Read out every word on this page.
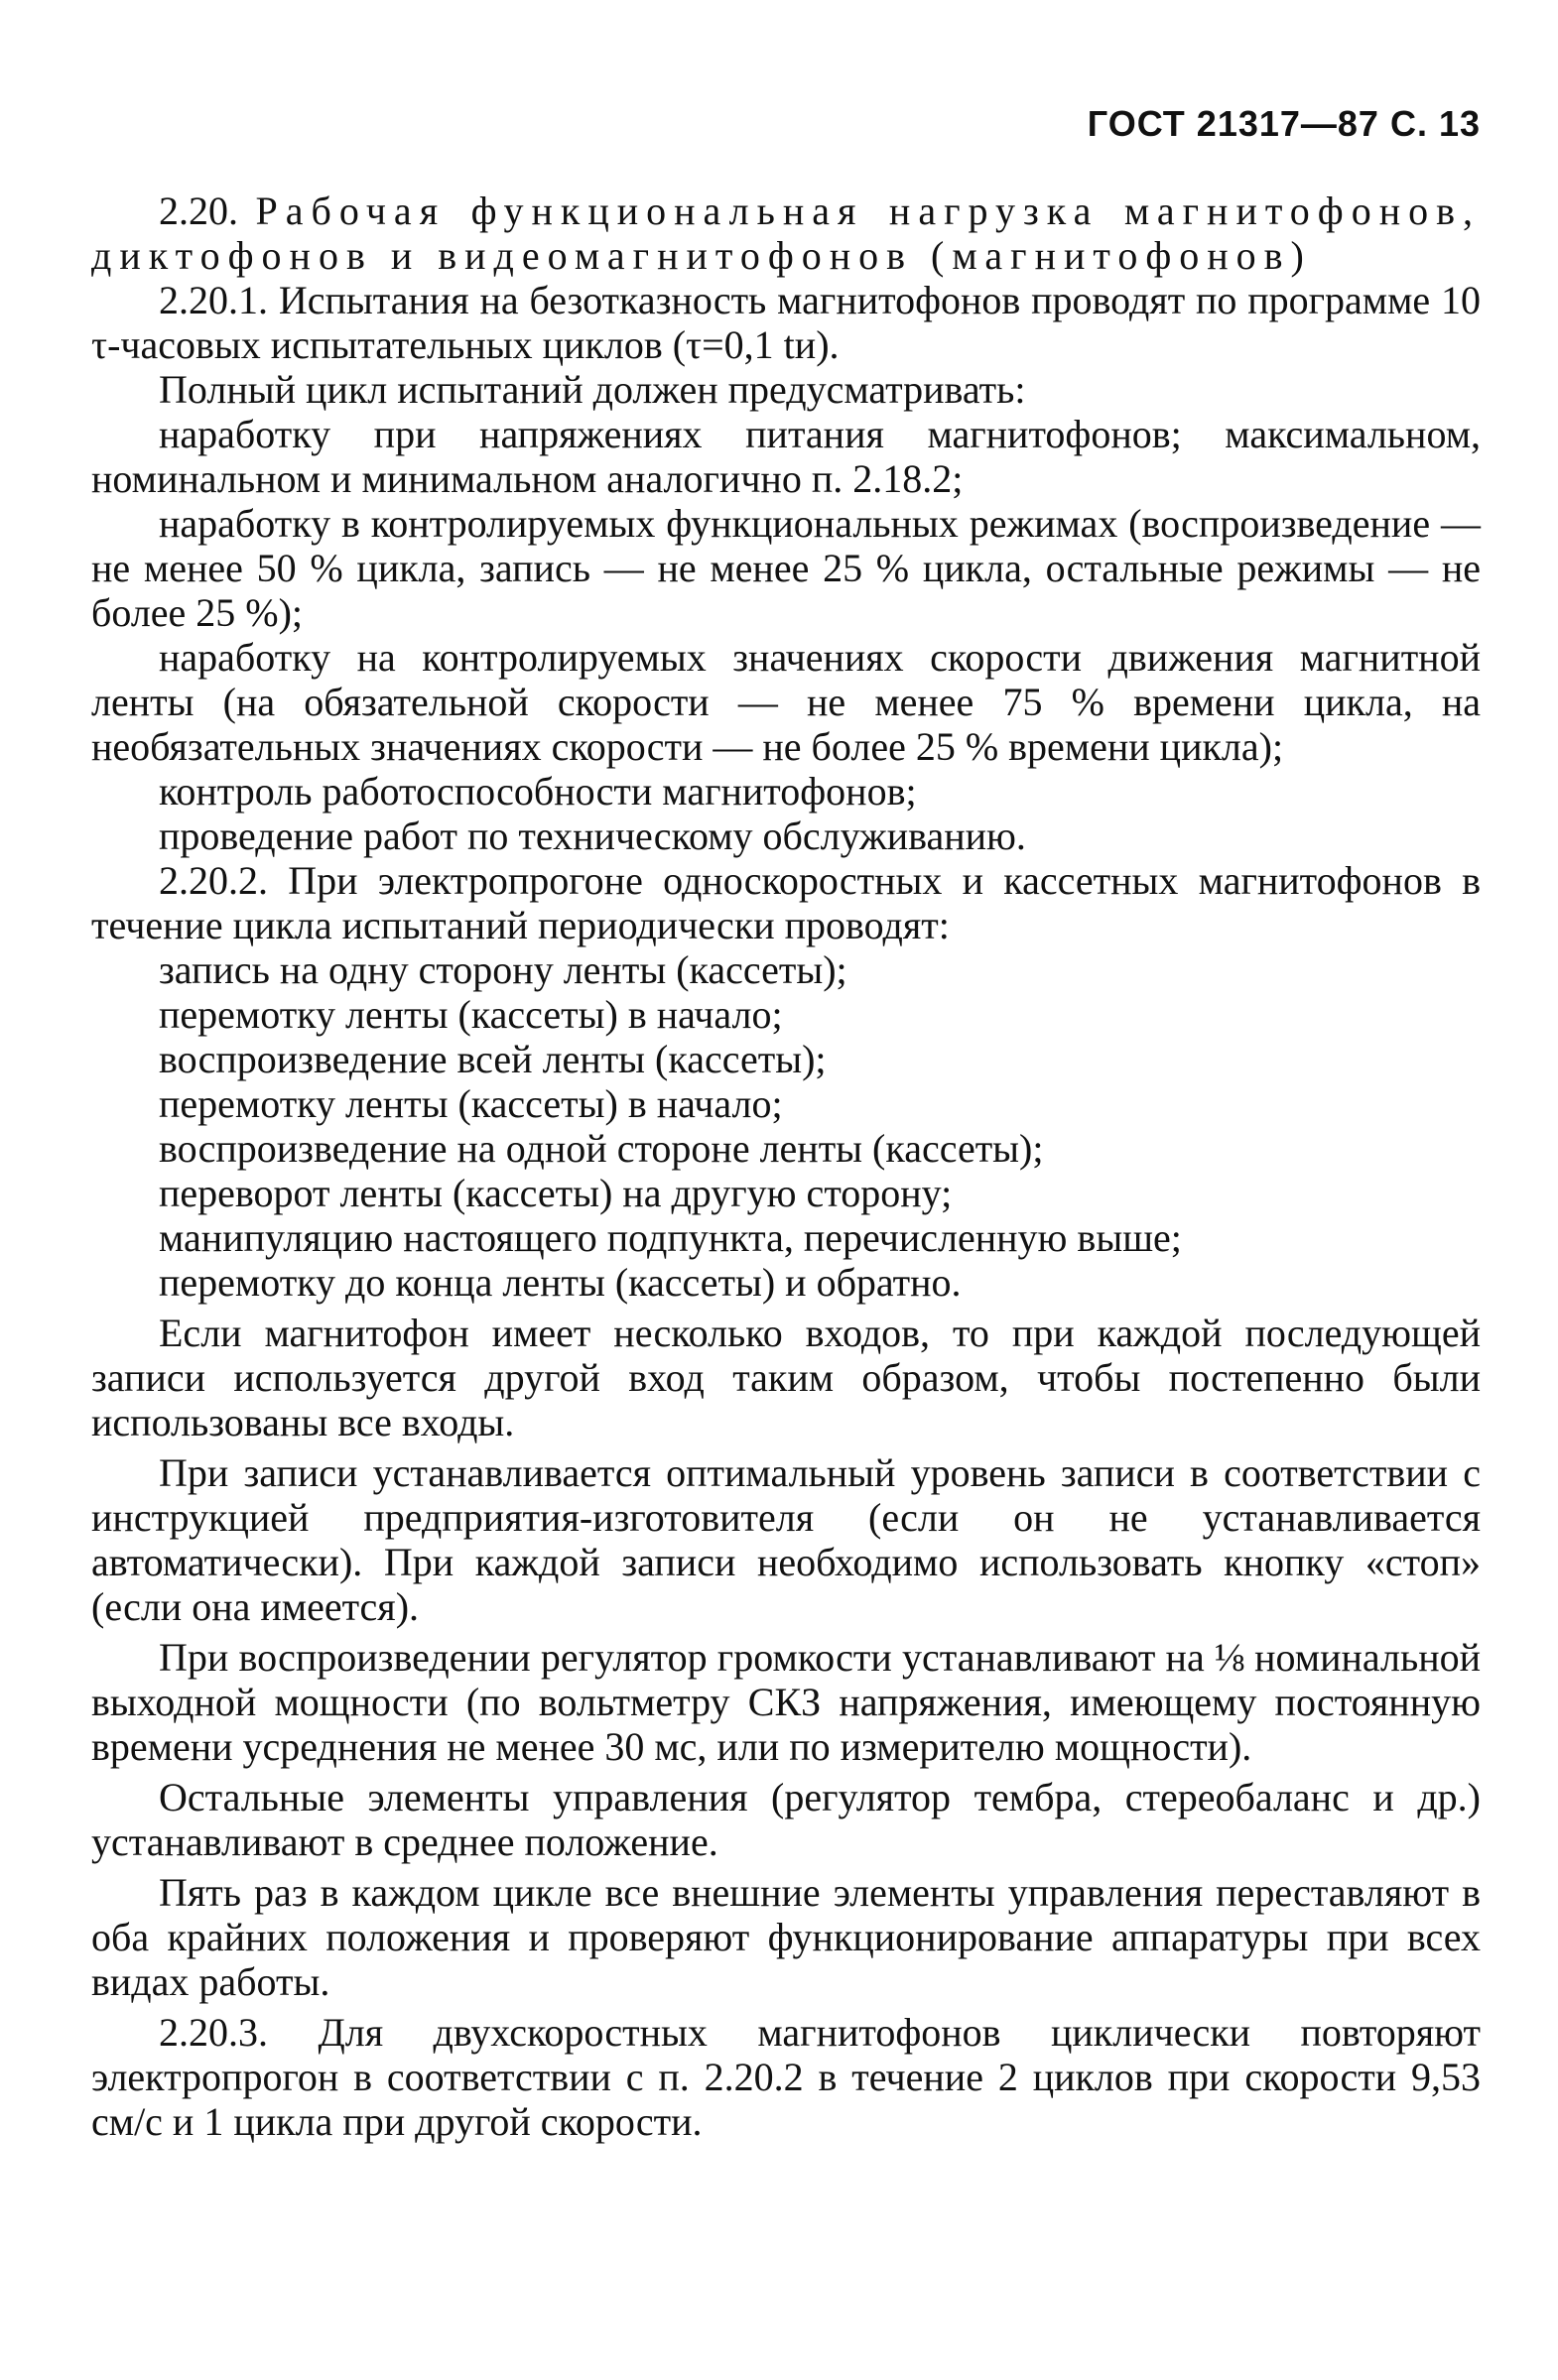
ГОСТ 21317—87 С. 13

2.20. Рабочая функциональная нагрузка магнитофонов, диктофонов и видеомагнитофонов (магнитофонов)

2.20.1. Испытания на безотказность магнитофонов проводят по программе 10 τ-часовых испытательных циклов (τ=0,1 tи).

Полный цикл испытаний должен предусматривать:

наработку при напряжениях питания магнитофонов; максимальном, номинальном и минимальном аналогично п. 2.18.2;

наработку в контролируемых функциональных режимах (воспроизведение — не менее 50 % цикла, запись — не менее 25 % цикла, остальные режимы — не более 25 %);

наработку на контролируемых значениях скорости движения магнитной ленты (на обязательной скорости — не менее 75 % времени цикла, на необязательных значениях скорости — не более 25 % времени цикла);

контроль работоспособности магнитофонов;

проведение работ по техническому обслуживанию.

2.20.2. При электропрогоне односкоростных и кассетных магнитофонов в течение цикла испытаний периодически проводят:

запись на одну сторону ленты (кассеты);

перемотку ленты (кассеты) в начало;

воспроизведение всей ленты (кассеты);

перемотку ленты (кассеты) в начало;

воспроизведение на одной стороне ленты (кассеты);

переворот ленты (кассеты) на другую сторону;

манипуляцию настоящего подпункта, перечисленную выше;

перемотку до конца ленты (кассеты) и обратно.

Если магнитофон имеет несколько входов, то при каждой последующей записи используется другой вход таким образом, чтобы постепенно были использованы все входы.

При записи устанавливается оптимальный уровень записи в соответствии с инструкцией предприятия-изготовителя (если он не устанавливается автоматически). При каждой записи необходимо использовать кнопку «стоп» (если она имеется).

При воспроизведении регулятор громкости устанавливают на ⅛ номинальной выходной мощности (по вольтметру СКЗ напряжения, имеющему постоянную времени усреднения не менее 30 мс, или по измерителю мощности).

Остальные элементы управления (регулятор тембра, стереобаланс и др.) устанавливают в среднее положение.

Пять раз в каждом цикле все внешние элементы управления переставляют в оба крайних положения и проверяют функционирование аппаратуры при всех видах работы.

2.20.3. Для двухскоростных магнитофонов циклически повторяют электропрогон в соответствии с п. 2.20.2 в течение 2 циклов при скорости 9,53 см/с и 1 цикла при другой скорости.
